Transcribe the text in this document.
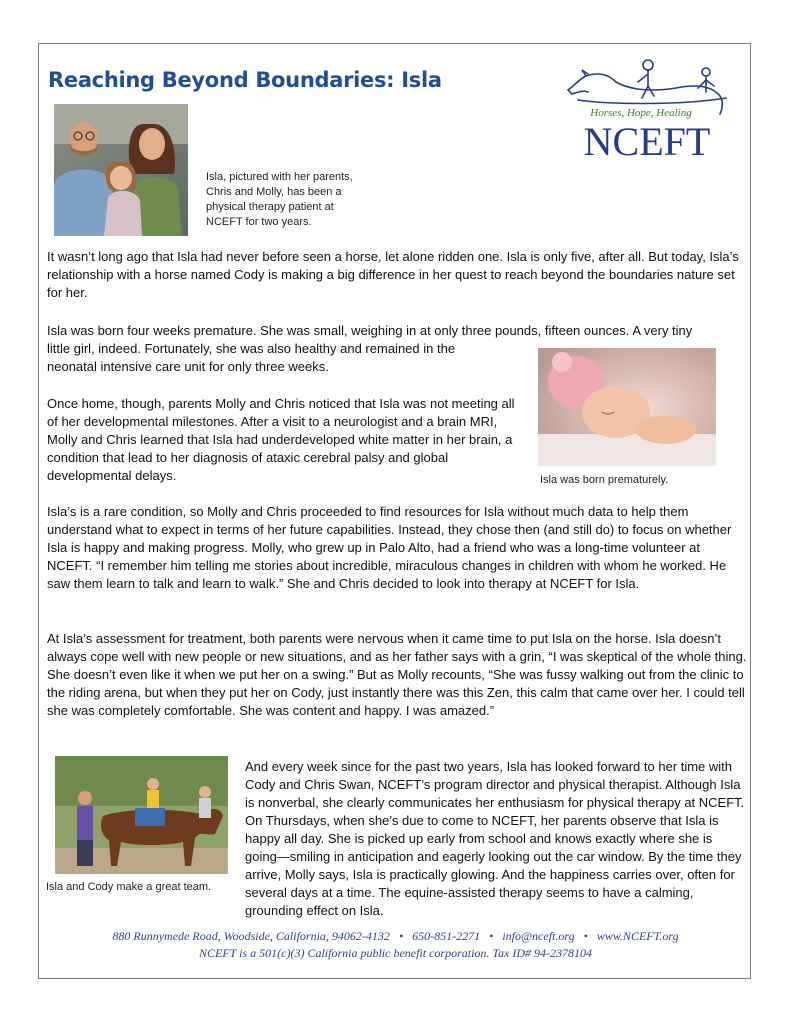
Reaching Beyond Boundaries: Isla
Horses, Hope, Healing
NCEFT
Isla, pictured with her parents,
Chris and Molly, has been a
physical therapy patient at
NCEFT for two years.

It wasn’t long ago that Isla had never before seen a horse, let alone ridden one. Isla is only five, after all. But today, Isla’s relationship with a horse named Cody is making a big difference in her quest to reach beyond the boundaries nature set for her.

Isla was born four weeks premature. She was small, weighing in at only three pounds, fifteen ounces. A very tiny

little girl, indeed. Fortunately, she was also healthy and remained in the neonatal intensive care unit for only three weeks.

Isla was born prematurely.

Once home, though, parents Molly and Chris noticed that Isla was not meeting all of her developmental milestones. After a visit to a neurologist and a brain MRI, Molly and Chris learned that Isla had underdeveloped white matter in her brain, a condition that lead to her diagnosis of ataxic cerebral palsy and global developmental delays.

Isla’s is a rare condition, so Molly and Chris proceeded to find resources for Isla without much data to help them understand what to expect in terms of her future capabilities. Instead, they chose then (and still do) to focus on whether Isla is happy and making progress. Molly, who grew up in Palo Alto, had a friend who was a long-time volunteer at NCEFT. “I remember him telling me stories about incredible, miraculous changes in children with whom he worked. He saw them learn to talk and learn to walk.” She and Chris decided to look into therapy at NCEFT for Isla.

At Isla’s assessment for treatment, both parents were nervous when it came time to put Isla on the horse. Isla doesn’t always cope well with new people or new situations, and as her father says with a grin, “I was skeptical of the whole thing. She doesn’t even like it when we put her on a swing.” But as Molly recounts, “She was fussy walking out from the clinic to the riding arena, but when they put her on Cody, just instantly there was this Zen, this calm that came over her. I could tell she was completely comfortable. She was content and happy. I was amazed.”

Isla and Cody make a great team.

And every week since for the past two years, Isla has looked forward to her time with Cody and Chris Swan, NCEFT’s program director and physical therapist. Although Isla is nonverbal, she clearly communicates her enthusiasm for physical therapy at NCEFT. On Thursdays, when she’s due to come to NCEFT, her parents observe that Isla is happy all day. She is picked up early from school and knows exactly where she is going—smiling in anticipation and eagerly looking out the car window. By the time they arrive, Molly says, Isla is practically glowing. And the happiness carries over, often for several days at a time. The equine-assisted therapy seems to have a calming, grounding effect on Isla.

880 Runnymede Road, Woodside, California, 94062-4132 • 650-851-2271 • info@nceft.org • www.NCEFT.org
NCEFT is a 501(c)(3) California public benefit corporation. Tax ID# 94-2378104
